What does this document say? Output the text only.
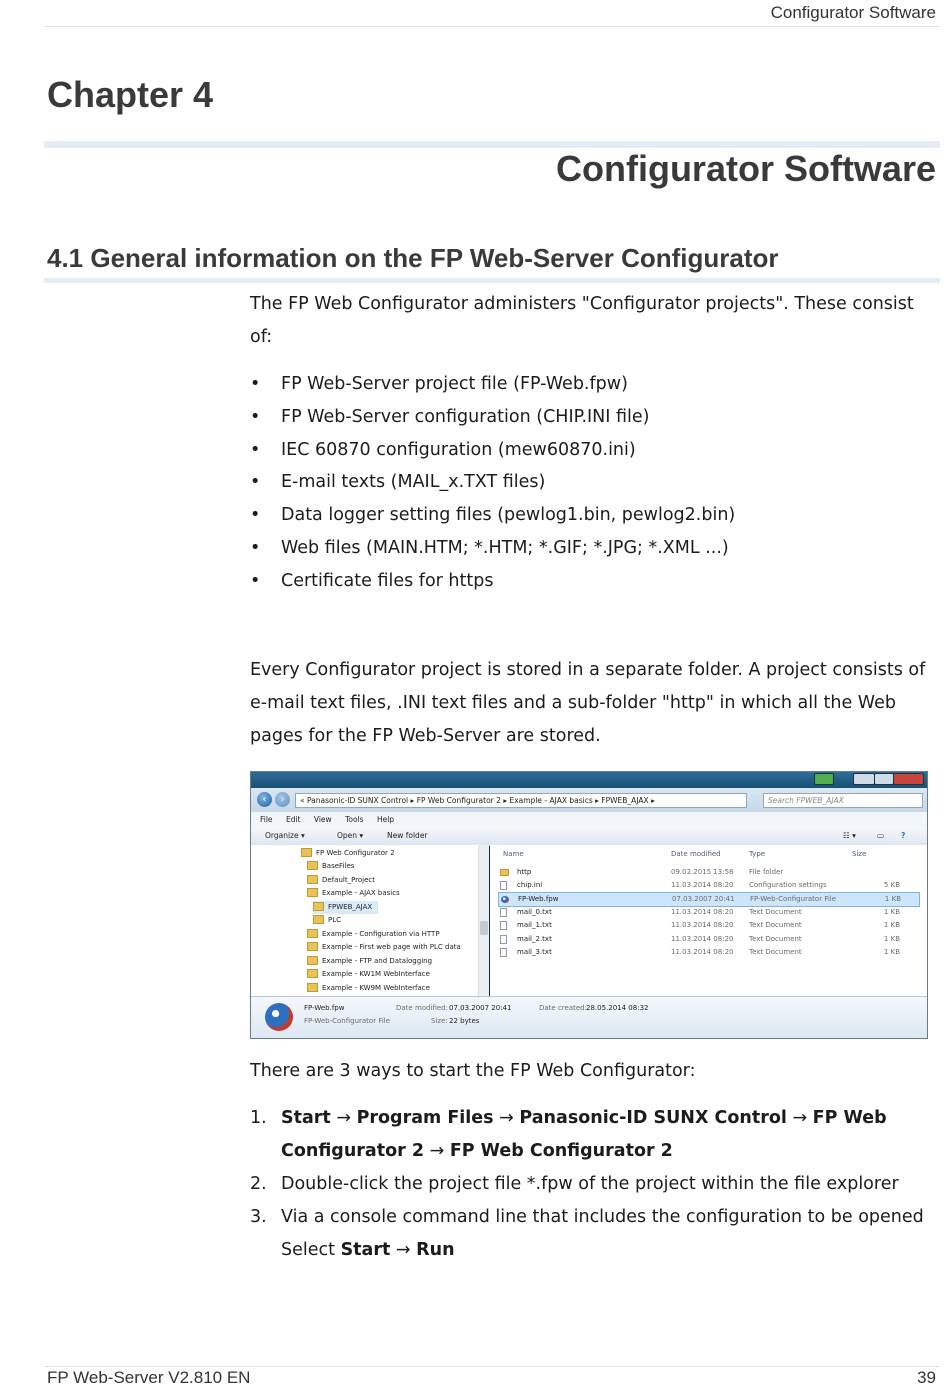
Configurator Software
Chapter 4
Configurator Software
4.1 General information on the FP Web-Server Configurator

The FP Web Configurator administers "Configurator projects". These consist of:

• FP Web-Server project file (FP-Web.fpw)
• FP Web-Server configuration (CHIP.INI file)
• IEC 60870 configuration (mew60870.ini)
• E-mail texts (MAIL_x.TXT files)
• Data logger setting files (pewlog1.bin, pewlog2.bin)
• Web files (MAIN.HTM; *.HTM; *.GIF; *.JPG; *.XML ...)
• Certificate files for https

Every Configurator project is stored in a separate folder. A project consists of e-mail text files, .INI text files and a sub-folder "http" in which all the Web pages for the FP Web-Server are stored.

‹	›	« Panasonic-ID SUNX Control ▸ FP Web Configurator 2 ▸ Example - AJAX basics ▸ FPWEB_AJAX ▸	Search FPWEB_AJAX
File Edit View Tools Help
Organize ▾	Open ▾	New folder	☷ ▾	▭ ?
FP Web Configurator 2
BaseFiles
Default_Project
Example - AJAX basics
FPWEB_AJAX
PLC
Example - Configuration via HTTP
Example - First web page with PLC data
Example - FTP and Datalogging
Example - KW1M WebInterface
Example - KW9M WebInterface
Name	Date modified	Type	Size
http	09.02.2015 13:58 File folder
chip.ini	11.03.2014 08:20 Configuration settings	5 KB
FP-Web.fpw	07.03.2007 20:41 FP-Web-Configurator File	1 KB
mail_0.txt	11.03.2014 08:20 Text Document	1 KB
mail_1.txt	11.03.2014 08:20 Text Document	1 KB
mail_2.txt	11.03.2014 08:20 Text Document	1 KB
mail_3.txt	11.03.2014 08:20 Text Document	1 KB
FP-Web.fpw
FP-Web-Configurator File
Date modified: 07.03.2007 20:41	Date created: 28.05.2014 08:32
Size: 22 bytes

There are 3 ways to start the FP Web Configurator:

1. Start → Program Files → Panasonic-ID SUNX Control → FP Web Configurator 2 → FP Web Configurator 2
2. Double-click the project file *.fpw of the project within the file explorer
3. Via a console command line that includes the configuration to be opened
Select Start → Run
FP Web-Server V2.810 EN	39
